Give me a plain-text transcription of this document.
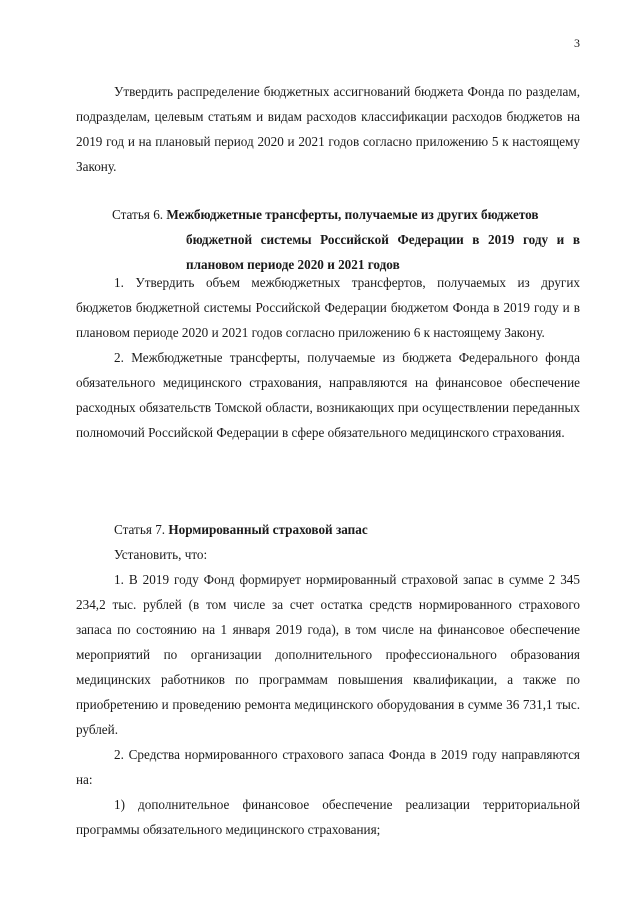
3

Утвердить распределение бюджетных ассигнований бюджета Фонда по разделам, подразделам, целевым статьям и видам расходов классификации расходов бюджетов на 2019 год и на плановый период 2020 и 2021 годов согласно приложению 5 к настоящему Закону.

Статья 6. Межбюджетные трансферты, получаемые из других бюджетов
бюджетной системы Российской Федерации в 2019 году и в плановом периоде 2020 и 2021 годов

1. Утвердить объем межбюджетных трансфертов, получаемых из других бюджетов бюджетной системы Российской Федерации бюджетом Фонда в 2019 году и в плановом периоде 2020 и 2021 годов согласно приложению 6 к настоящему Закону.

2. Межбюджетные трансферты, получаемые из бюджета Федерального фонда обязательного медицинского страхования, направляются на финансовое обеспечение расходных обязательств Томской области, возникающих при осуществлении переданных полномочий Российской Федерации в сфере обязательного медицинского страхования.

Статья 7. Нормированный страховой запас

Установить, что:

1. В 2019 году Фонд формирует нормированный страховой запас в сумме 2 345 234,2 тыс. рублей (в том числе за счет остатка средств нормированного страхового запаса по состоянию на 1 января 2019 года), в том числе на финансовое обеспечение мероприятий по организации дополнительного профессионального образования медицинских работников по программам повышения квалификации, а также по приобретению и проведению ремонта медицинского оборудования в сумме 36 731,1 тыс. рублей.

2. Средства нормированного страхового запаса Фонда в 2019 году направляются на:

1) дополнительное финансовое обеспечение реализации территориальной программы обязательного медицинского страхования;
